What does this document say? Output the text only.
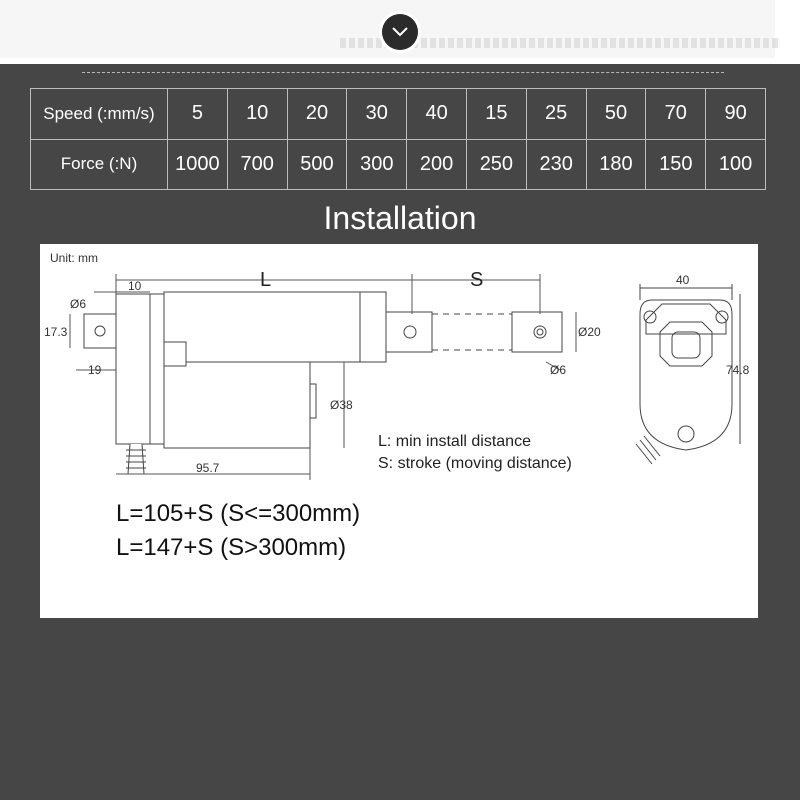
Speed (:mm/s)	5	10	20	30	40	15	25	50	70	90
Force (:N)	1000	700	500	300	200	250	230	180	150	100
Installation
Unit: mm
L	S
10
Ø6
17.3
19
Ø38
95.7
Ø20
Ø6
40
74.8
L: min install distance
S: stroke (moving distance)
L=105+S (S<=300mm)
L=147+S (S>300mm)
